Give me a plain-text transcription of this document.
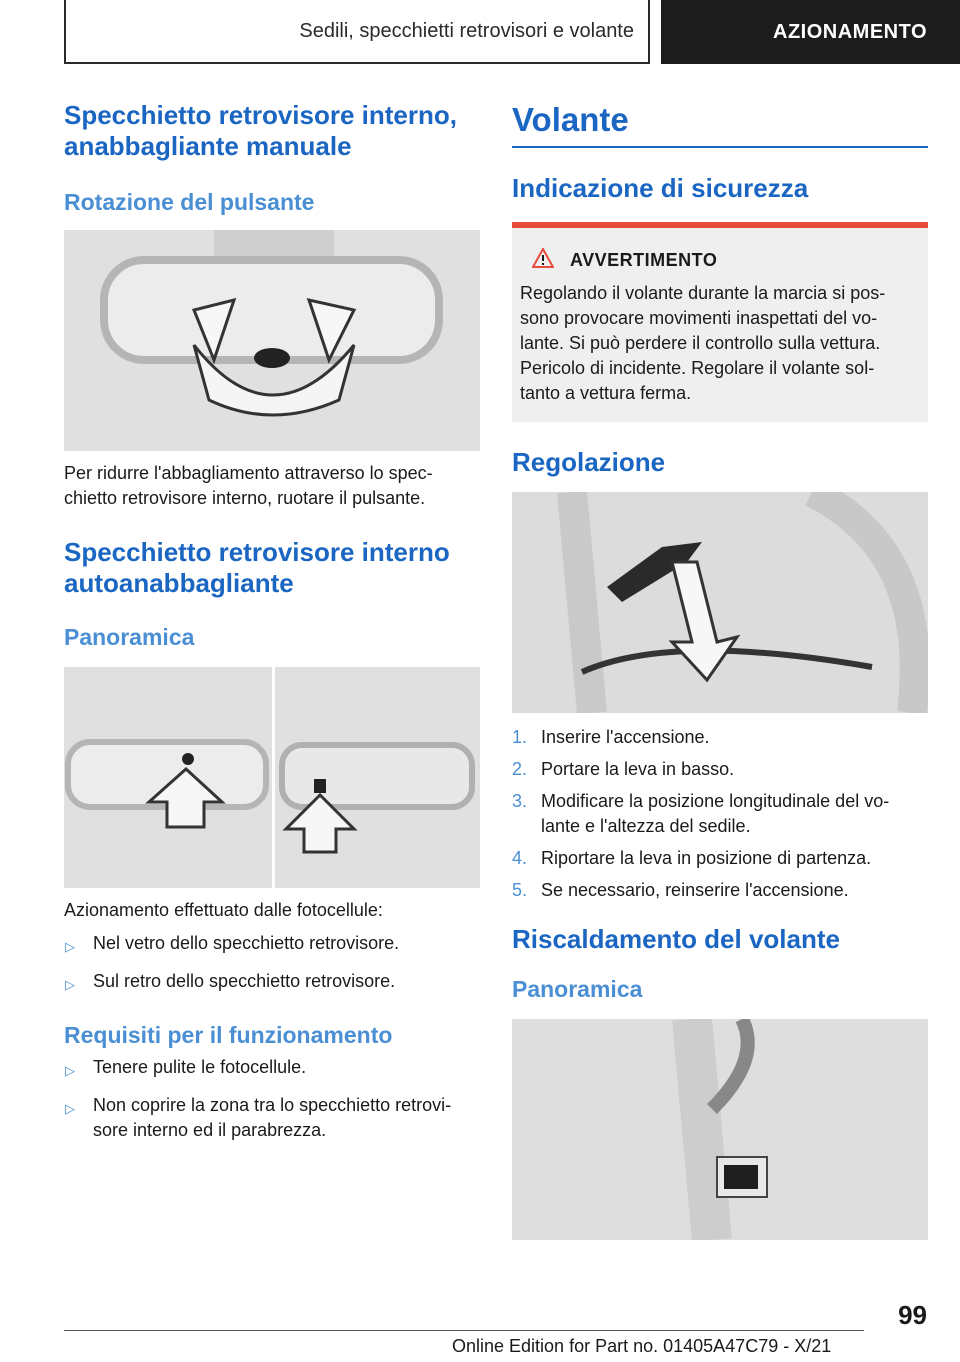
Sedili, specchietti retrovisori e volante	AZIONAMENTO
Specchietto retrovisore interno, anabbagliante manuale
Rotazione del pulsante

Per ridurre l'abbagliamento attraverso lo spec- chietto retrovisore interno, ruotare il pulsante.

Specchietto retrovisore interno autoanabbagliante
Panoramica

Azionamento effettuato dalle fotocellule:

▷	Nel vetro dello specchietto retrovisore.
▷	Sul retro dello specchietto retrovisore.
Requisiti per il funzionamento
▷	Tenere pulite le fotocellule.
▷	Non coprire la zona tra lo specchietto retrovi- sore interno ed il parabrezza.
Volante
Indicazione di sicurezza
AVVERTIMENTO

Regolando il volante durante la marcia si pos- sono provocare movimenti inaspettati del vo- lante. Si può perdere il controllo sulla vettura. Pericolo di incidente. Regolare il volante sol- tanto a vettura ferma.

Regolazione
1. Inserire l'accensione.
2. Portare la leva in basso.
3. Modificare la posizione longitudinale del vo- lante e l'altezza del sedile.
4. Riportare la leva in posizione di partenza.
5. Se necessario, reinserire l'accensione.
Riscaldamento del volante
Panoramica
99
Online Edition for Part no. 01405A47C79 - X/21
